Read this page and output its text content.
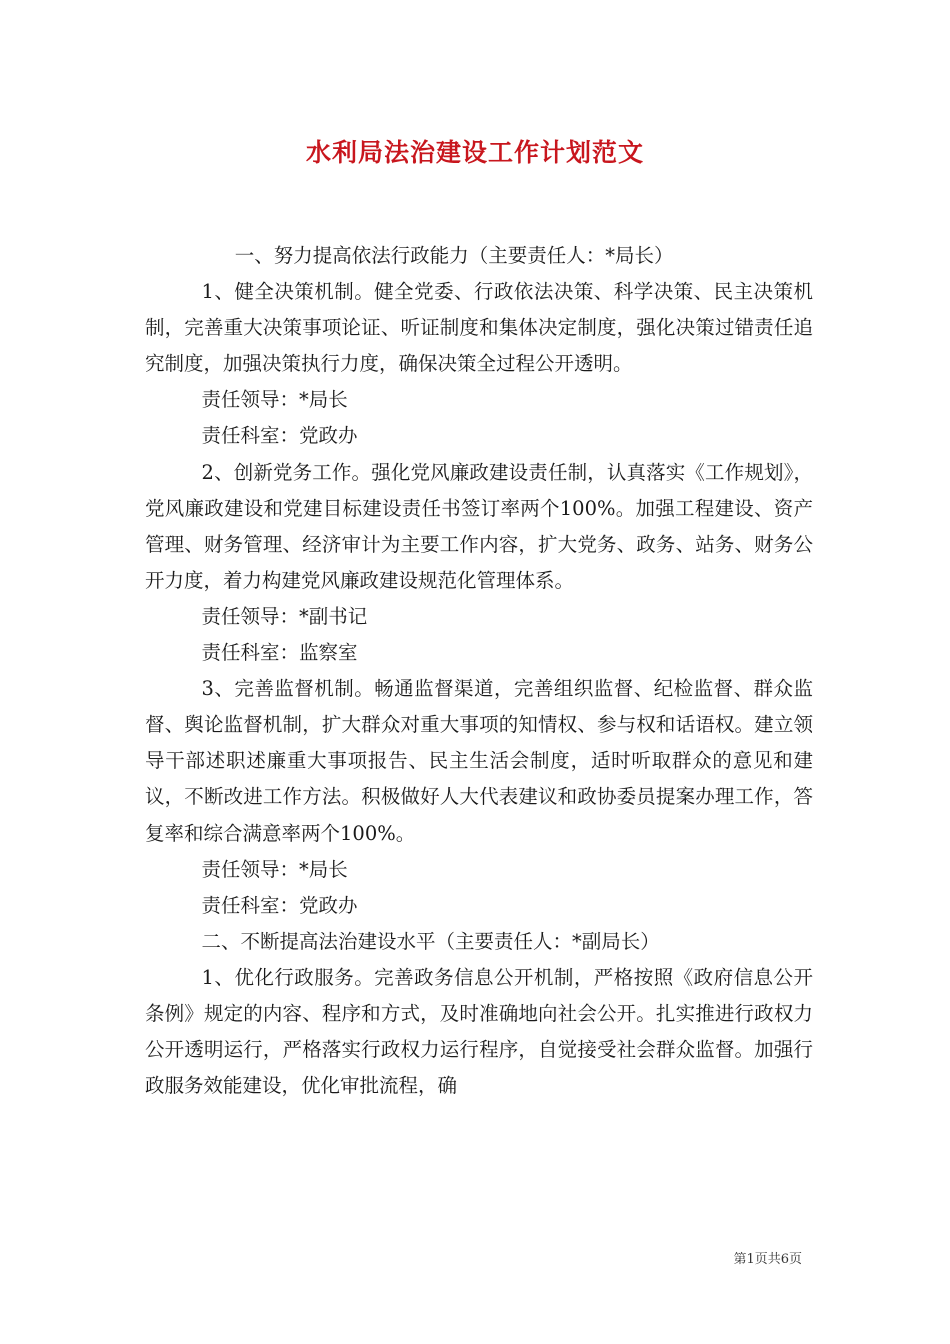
水利局法治建设工作计划范文

一、努力提高依法行政能力（主要责任人：*局长）

1、健全决策机制。健全党委、行政依法决策、科学决策、民主决策机制，完善重大决策事项论证、听证制度和集体决定制度，强化决策过错责任追究制度，加强决策执行力度，确保决策全过程公开透明。

责任领导：*局长

责任科室：党政办

2、创新党务工作。强化党风廉政建设责任制，认真落实《工作规划》，党风廉政建设和党建目标建设责任书签订率两个100%。加强工程建设、资产管理、财务管理、经济审计为主要工作内容，扩大党务、政务、站务、财务公开力度，着力构建党风廉政建设规范化管理体系。

责任领导：*副书记

责任科室：监察室

3、完善监督机制。畅通监督渠道，完善组织监督、纪检监督、群众监督、舆论监督机制，扩大群众对重大事项的知情权、参与权和话语权。建立领导干部述职述廉重大事项报告、民主生活会制度，适时听取群众的意见和建议，不断改进工作方法。积极做好人大代表建议和政协委员提案办理工作，答复率和综合满意率两个100%。

责任领导：*局长

责任科室：党政办

二、不断提高法治建设水平（主要责任人：*副局长）

1、优化行政服务。完善政务信息公开机制，严格按照《政府信息公开条例》规定的内容、程序和方式，及时准确地向社会公开。扎实推进行政权力公开透明运行，严格落实行政权力运行程序，自觉接受社会群众监督。加强行政服务效能建设，优化审批流程，确

第1页共6页
